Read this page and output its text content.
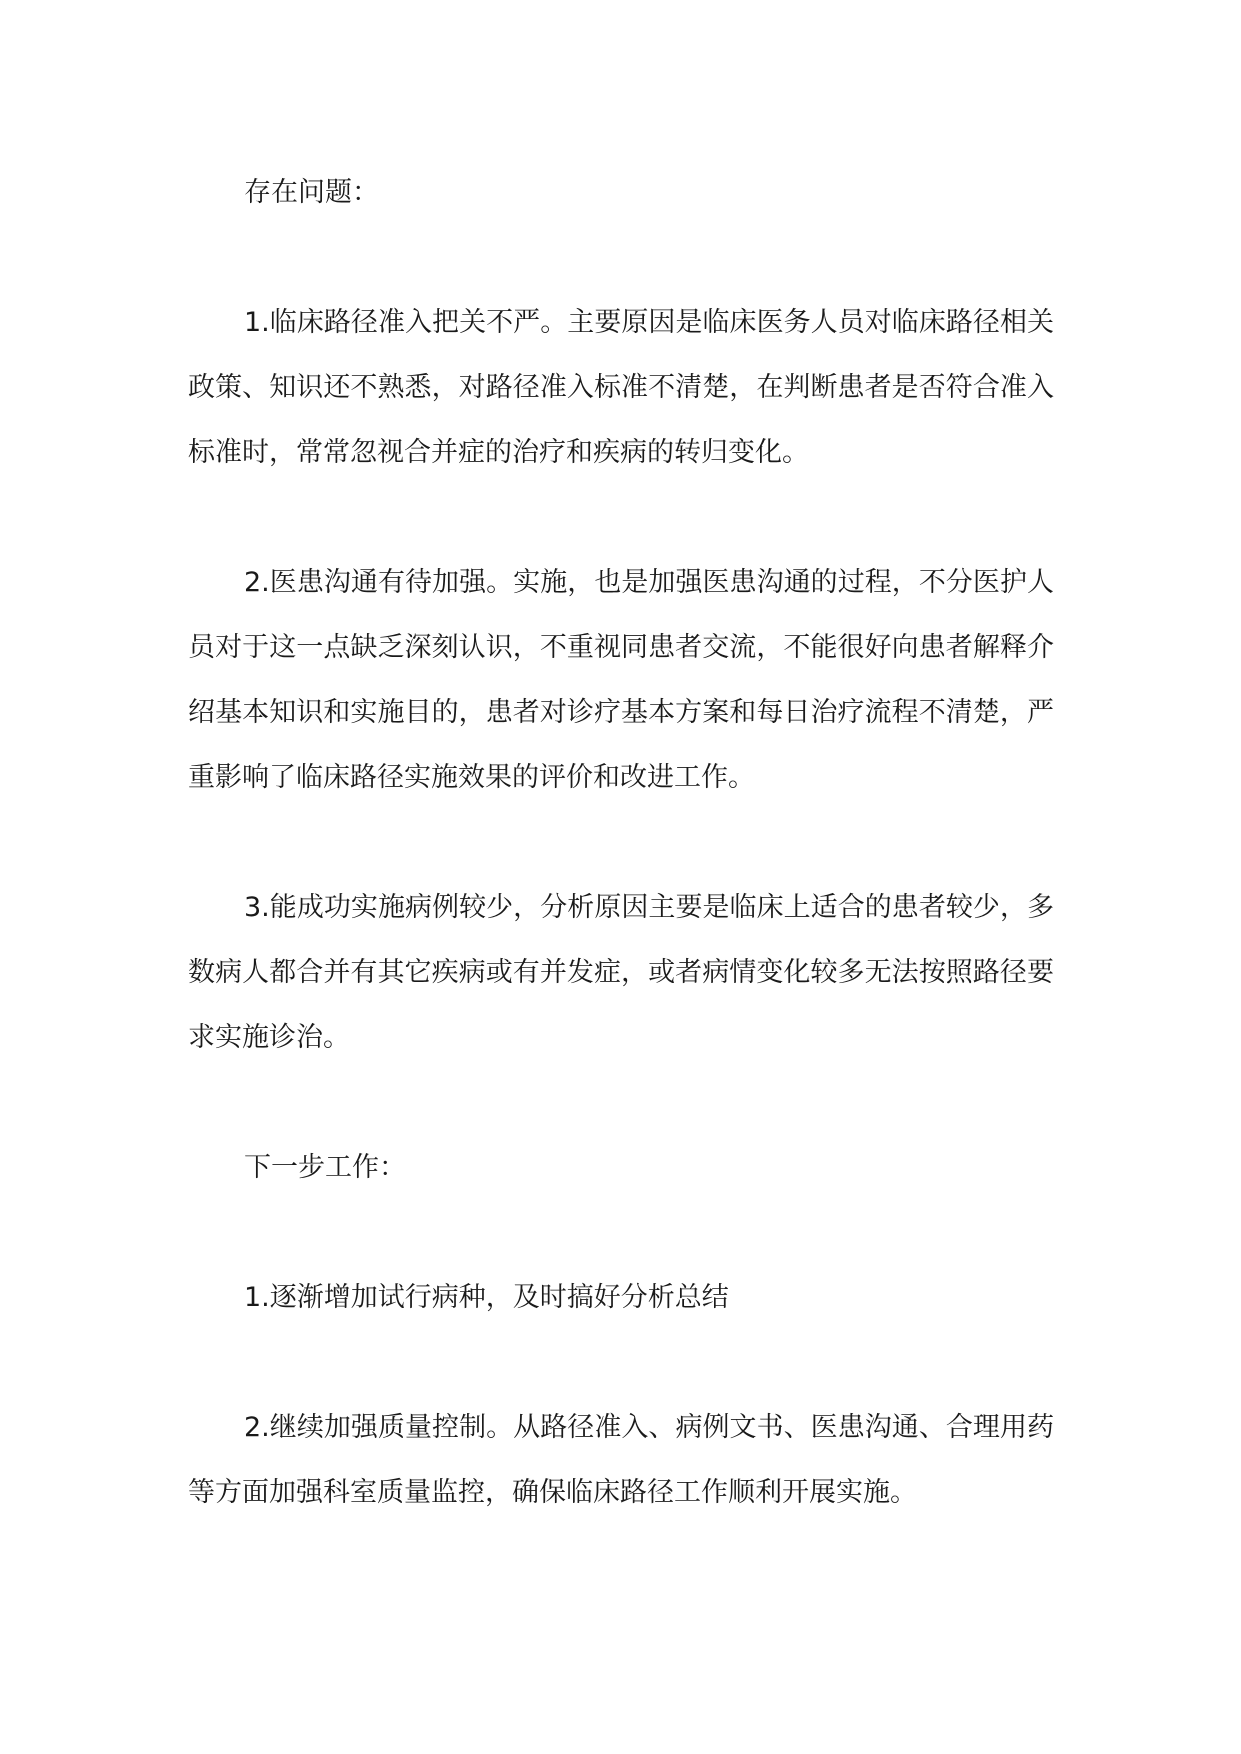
存在问题：

1.临床路径准入把关不严。主要原因是临床医务人员对临床路径相关政策、知识还不熟悉，对路径准入标准不清楚，在判断患者是否符合准入标准时，常常忽视合并症的治疗和疾病的转归变化。

2.医患沟通有待加强。实施，也是加强医患沟通的过程，不分医护人员对于这一点缺乏深刻认识，不重视同患者交流，不能很好向患者解释介绍基本知识和实施目的，患者对诊疗基本方案和每日治疗流程不清楚，严重影响了临床路径实施效果的评价和改进工作。

3.能成功实施病例较少，分析原因主要是临床上适合的患者较少，多数病人都合并有其它疾病或有并发症，或者病情变化较多无法按照路径要求实施诊治。

下一步工作：

1.逐渐增加试行病种，及时搞好分析总结

2.继续加强质量控制。从路径准入、病例文书、医患沟通、合理用药等方面加强科室质量监控，确保临床路径工作顺利开展实施。
